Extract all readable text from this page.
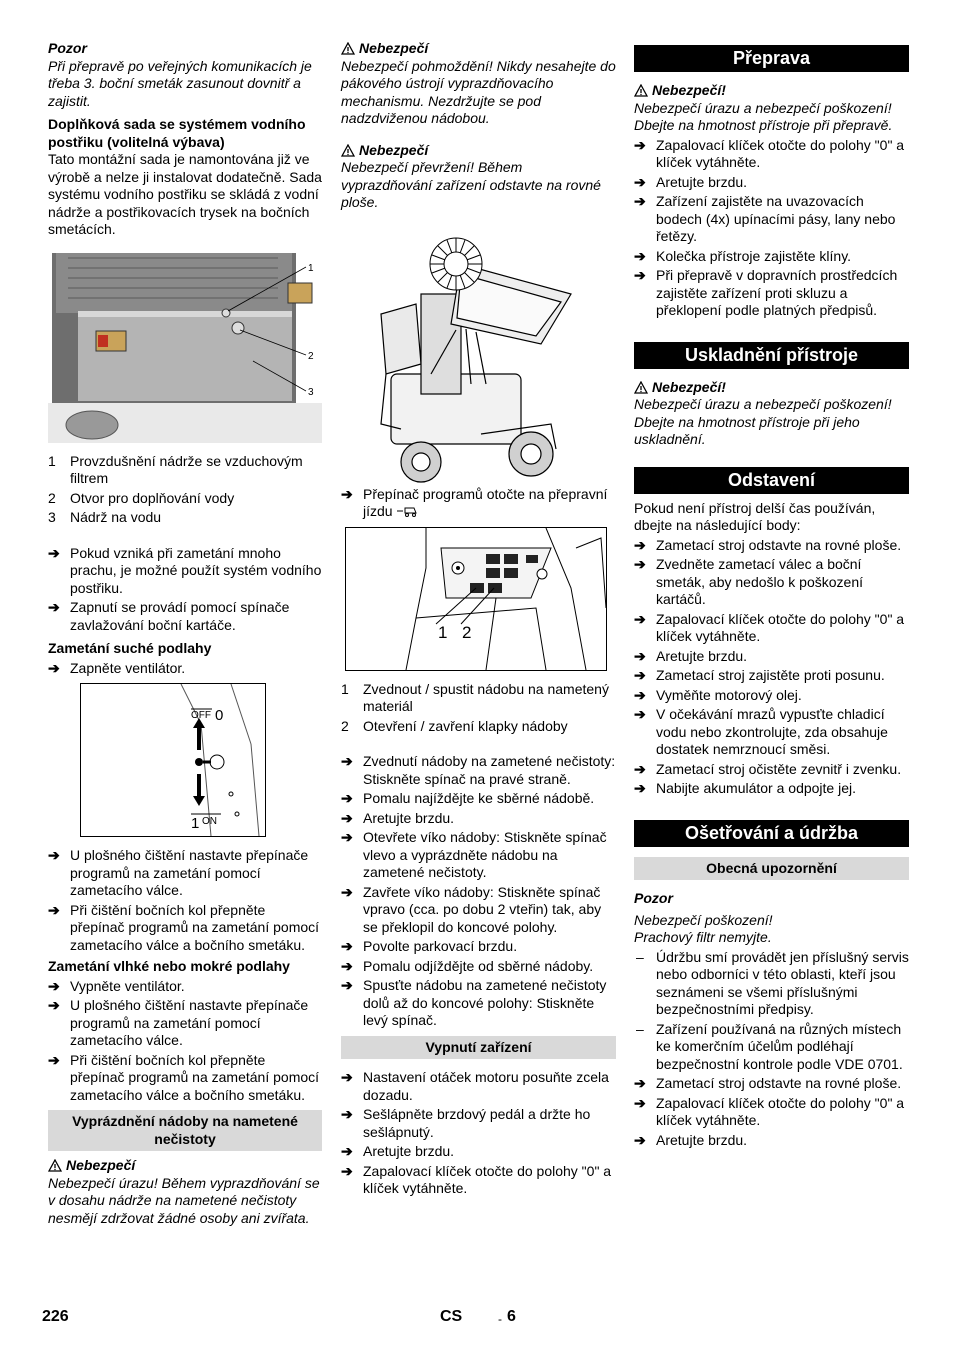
Pozor

Při přepravě po veřejných komunikacích je třeba 3. boční smeták zasunout dovnitř a zajistit.

Doplňková sada se systémem vodního postřiku (volitelná výbava)

Tato montážní sada je namontována již ve výrobě a nelze ji instalovat dodatečně. Sada systému vodního postřiku se skládá z vodní nádrže a postřikovacích trysek na bočních smetácích.

1
2
3
1 Provzdušnění nádrže se vzduchovým filtrem
2 Otvor pro doplňování vody
3 Nádrž na vodu
➔ Pokud vzniká při zametání mnoho prachu, je možné použít systém vodního postřiku.
➔ Zapnutí se provádí pomocí spínače zavlažování boční kartáče.

Zametání suché podlahy

➔ Zapněte ventilátor.
OFF 0
1 ON
➔ U plošného čištění nastavte přepínače programů na zametání pomocí zametacího válce.
➔ Při čištění bočních kol přepněte přepínač programů na zametání pomocí zametacího válce a bočního smetáku.

Zametání vlhké nebo mokré podlahy

➔ Vypněte ventilátor.
➔ U plošného čištění nastavte přepínače programů na zametání pomocí zametacího válce.
➔ Při čištění bočních kol přepněte přepínač programů na zametání pomocí zametacího válce a bočního smetáku.
Vyprázdnění nádoby na nametené nečistoty
Nebezpečí

Nebezpečí úrazu! Během vyprazdňování se v dosahu nádrže na nametené nečistoty nesmějí zdržovat žádné osoby ani zvířata.

Nebezpečí

Nebezpečí pohmoždění! Nikdy nesahejte do pákového ústrojí vyprazdňovacího mechanismu. Nezdržujte se pod nadzdviženou nádobou.

Nebezpečí

Nebezpečí převržení! Během vyprazdňování zařízení odstavte na rovné ploše.

➔ Přepínač programů otočte na přepravní jízdu
1 2
1 Zvednout / spustit nádobu na nametený materiál
2 Otevření / zavření klapky nádoby
➔ Zvednutí nádoby na zametené nečistoty: Stiskněte spínač na pravé straně.
➔ Pomalu najíždějte ke sběrné nádobě.
➔ Aretujte brzdu.
➔ Otevřete víko nádoby: Stiskněte spínač vlevo a vyprázdněte nádobu na zametené nečistoty.
➔ Zavřete víko nádoby: Stiskněte spínač vpravo (cca. po dobu 2 vteřin) tak, aby se překlopil do koncové polohy.
➔ Povolte parkovací brzdu.
➔ Pomalu odjíždějte od sběrné nádoby.
➔ Spusťte nádobu na zametené nečistoty dolů až do koncové polohy: Stiskněte levý spínač.
Vypnutí zařízení
➔ Nastavení otáček motoru posuňte zcela dozadu.
➔ Sešlápněte brzdový pedál a držte ho sešlápnutý.
➔ Aretujte brzdu.
➔ Zapalovací klíček otočte do polohy "0" a klíček vytáhněte.
Přeprava
Nebezpečí!

Nebezpečí úrazu a nebezpečí poškození! Dbejte na hmotnost přístroje při přepravě.

➔ Zapalovací klíček otočte do polohy "0" a klíček vytáhněte.
➔ Aretujte brzdu.
➔ Zařízení zajistěte na uvazovacích bodech (4x) upínacími pásy, lany nebo řetězy.
➔ Kolečka přístroje zajistěte klíny.
➔ Při přepravě v dopravních prostředcích zajistěte zařízení proti skluzu a překlopení podle platných předpisů.
Uskladnění přístroje
Nebezpečí!

Nebezpečí úrazu a nebezpečí poškození! Dbejte na hmotnost přístroje při jeho uskladnění.

Odstavení

Pokud není přístroj delší čas používán, dbejte na následující body:

➔ Zametací stroj odstavte na rovné ploše.
➔ Zvedněte zametací válec a boční smeták, aby nedošlo k poškození kartáčů.
➔ Zapalovací klíček otočte do polohy "0" a klíček vytáhněte.
➔ Aretujte brzdu.
➔ Zametací stroj zajistěte proti posunu.
➔ Vyměňte motorový olej.
➔ V očekávání mrazů vypusťte chladicí vodu nebo zkontrolujte, zda obsahuje dostatek nemrznoucí směsi.
➔ Zametací stroj očistěte zevnitř i zvenku.
➔ Nabijte akumulátor a odpojte jej.
Ošetřování a údržba
Obecná upozornění

Pozor

Nebezpečí poškození!

Prachový filtr nemyjte.

– Údržbu smí provádět jen příslušný servis nebo odborníci v této oblasti, kteří jsou seznámeni se všemi příslušnými bezpečnostními předpisy.
– Zařízení používaná na různých místech ke komerčním účelům podléhají bezpečnostní kontrole podle VDE 0701.
➔ Zametací stroj odstavte na rovné ploše.
➔ Zapalovací klíček otočte do polohy "0" a klíček vytáhněte.
➔ Aretujte brzdu.
226	CS	- 6
